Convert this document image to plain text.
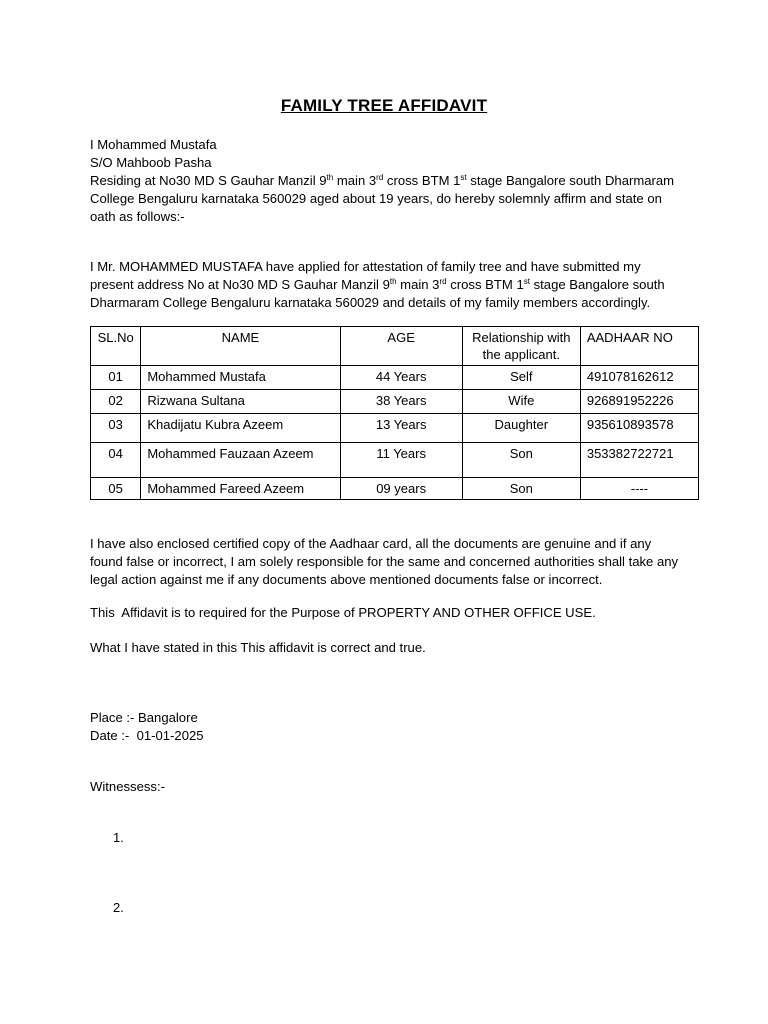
FAMILY TREE AFFIDAVIT

I Mohammed Mustafa

S/O Mahboob Pasha

Residing at No30 MD S Gauhar Manzil 9th main 3rd cross BTM 1st stage Bangalore south Dharmaram

College Bengaluru karnataka 560029 aged about 19 years, do hereby solemnly affirm and state on

oath as follows:-

I Mr. MOHAMMED MUSTAFA have applied for attestation of family tree and have submitted my

present address No at No30 MD S Gauhar Manzil 9th main 3rd cross BTM 1st stage Bangalore south

Dharmaram College Bengaluru karnataka 560029 and details of my family members accordingly.

SL.No	NAME	AGE	Relationship with the applicant.	AADHAAR NO
01	Mohammed Mustafa	44 Years	Self	491078162612
02	Rizwana Sultana	38 Years	Wife	926891952226
03	Khadijatu Kubra Azeem	13 Years	Daughter	935610893578
04	Mohammed Fauzaan Azeem	11 Years	Son	353382722721
05	Mohammed Fareed Azeem	09 years	Son	----

I have also enclosed certified copy of the Aadhaar card, all the documents are genuine and if any

found false or incorrect, I am solely responsible for the same and concerned authorities shall take any

legal action against me if any documents above mentioned documents false or incorrect.

This  Affidavit is to required for the Purpose of PROPERTY AND OTHER OFFICE USE.

What I have stated in this This affidavit is correct and true.

Place :- Bangalore

Date :-  01-01-2025

Witnessess:-

1.
2.
